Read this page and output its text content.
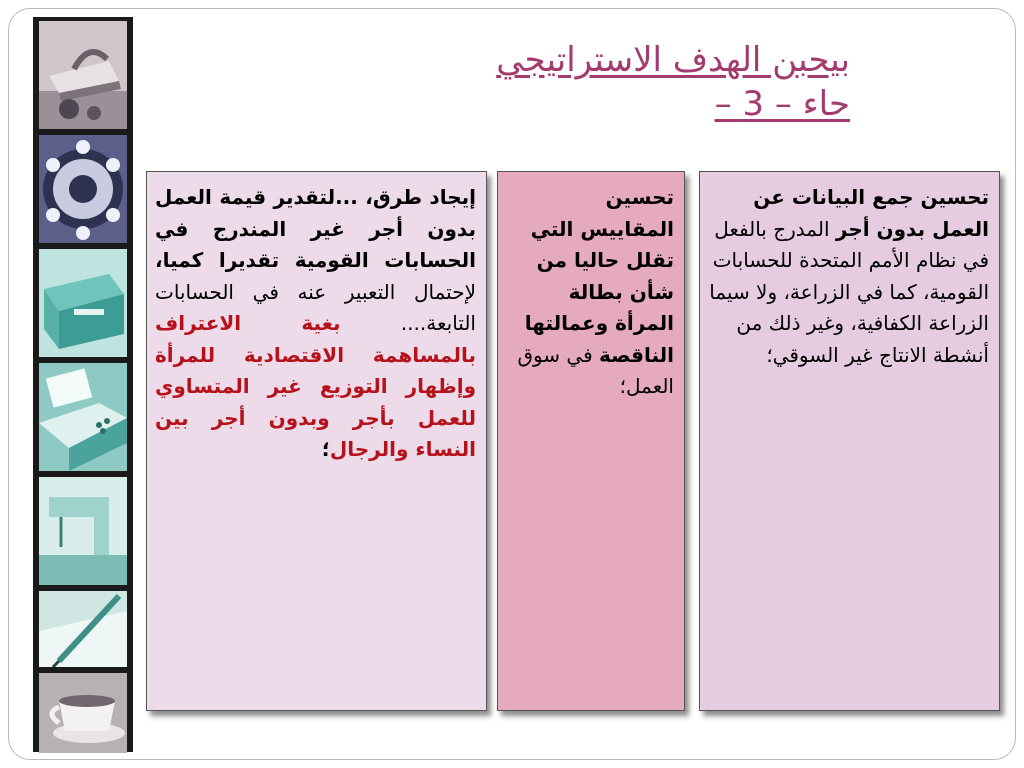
بيحبن الهدف الاستراتيجي
حاء – 3 –
إيجاد طرق، ...لتقدير قيمة العمل بدون أجر غير المندرج في الحسابات القومية تقديرا كميا، لإحتمال التعبير عنه في الحسابات التابعة.... بغية الاعتراف بالمساهمة الاقتصادية للمرأة وإظهار التوزيع غير المتساوي للعمل بأجر وبدون أجر بين النساء والرجال؛
تحسين المقاييس التي تقلل حاليا من شأن بطالة المرأة وعمالتها الناقصة في سوق العمل؛
تحسين جمع البيانات عن العمل بدون أجر المدرج بالفعل في نظام الأمم المتحدة للحسابات القومية، كما في الزراعة، ولا سيما الزراعة الكفافية، وغير ذلك من أنشطة الانتاج غير السوقي؛
